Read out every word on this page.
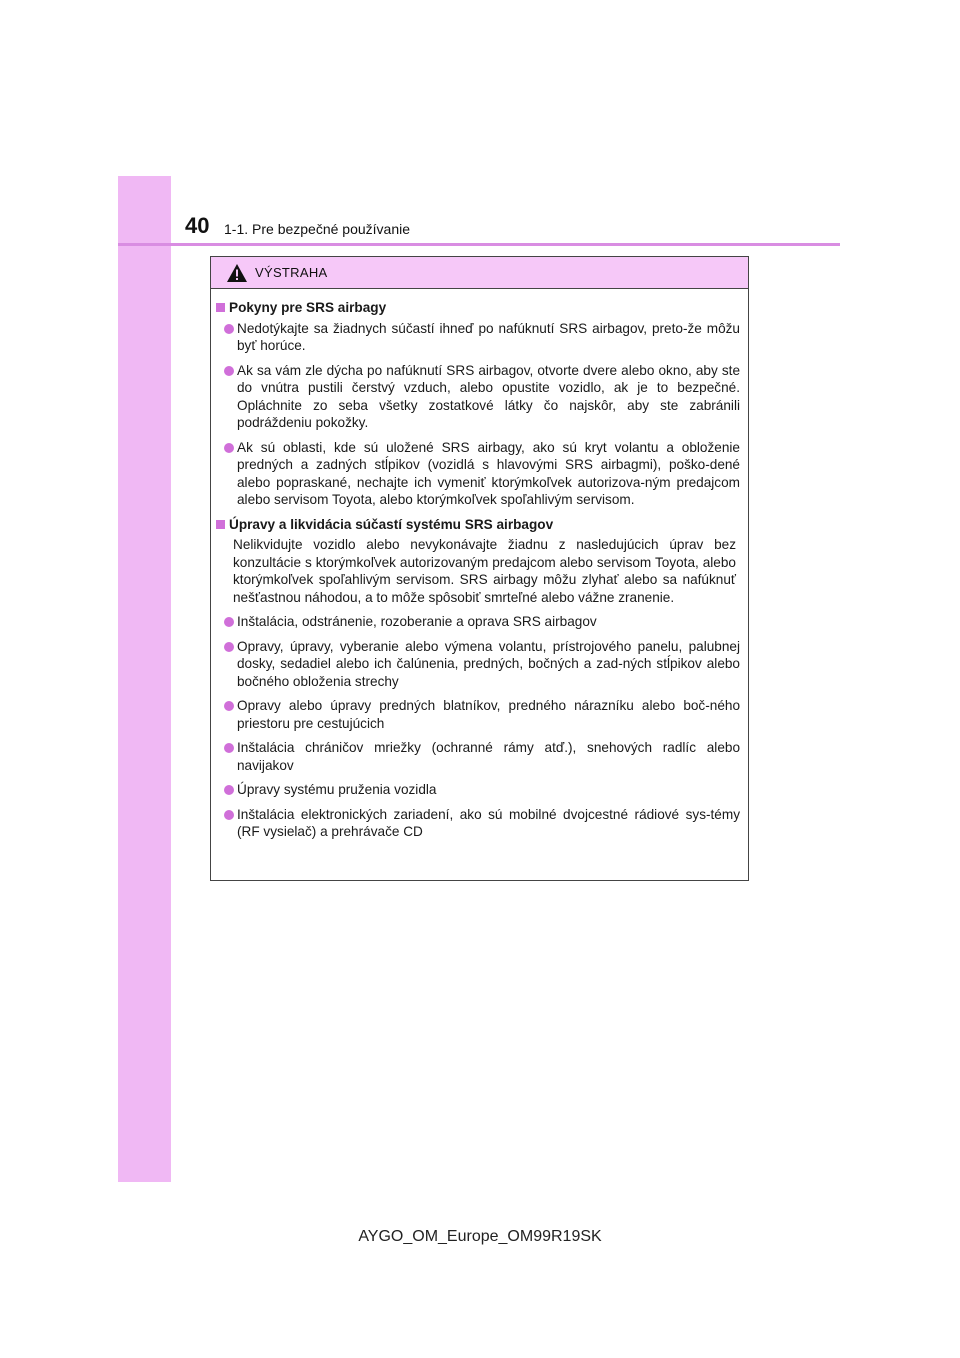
40 1-1. Pre bezpečné používanie
VÝSTRAHA
Pokyny pre SRS airbagy
Nedotýkajte sa žiadnych súčastí ihneď po nafúknutí SRS airbagov, preto-že môžu byť horúce.
Ak sa vám zle dýcha po nafúknutí SRS airbagov, otvorte dvere alebo okno, aby ste do vnútra pustili čerstvý vzduch, alebo opustite vozidlo, ak je to bezpečné. Opláchnite zo seba všetky zostatkové látky čo najskôr, aby ste zabránili podráždeniu pokožky.
Ak sú oblasti, kde sú uložené SRS airbagy, ako sú kryt volantu a obloženie predných a zadných stĺpikov (vozidlá s hlavovými SRS airbagmi), poško-dené alebo popraskané, nechajte ich vymeniť ktorýmkoľvek autorizova-ným predajcom alebo servisom Toyota, alebo ktorýmkoľvek spoľahlivým servisom.
Úpravy a likvidácia súčastí systému SRS airbagov
Nelikvidujte vozidlo alebo nevykonávajte žiadnu z nasledujúcich úprav bez konzultácie s ktorýmkoľvek autorizovaným predajcom alebo servisom Toyota, alebo ktorýmkoľvek spoľahlivým servisom. SRS airbagy môžu zlyhať alebo sa nafúknuť nešťastnou náhodou, a to môže spôsobiť smrteľné alebo vážne zranenie.
Inštalácia, odstránenie, rozoberanie a oprava SRS airbagov
Opravy, úpravy, vyberanie alebo výmena volantu, prístrojového panelu, palubnej dosky, sedadiel alebo ich čalúnenia, predných, bočných a zad-ných stĺpikov alebo bočného obloženia strechy
Opravy alebo úpravy predných blatníkov, predného nárazníku alebo boč-ného priestoru pre cestujúcich
Inštalácia chráničov mriežky (ochranné rámy atď.), snehových radlíc alebo navijakov
Úpravy systému pruženia vozidla
Inštalácia elektronických zariadení, ako sú mobilné dvojcestné rádiové sys-témy (RF vysielač) a prehrávače CD
AYGO_OM_Europe_OM99R19SK
